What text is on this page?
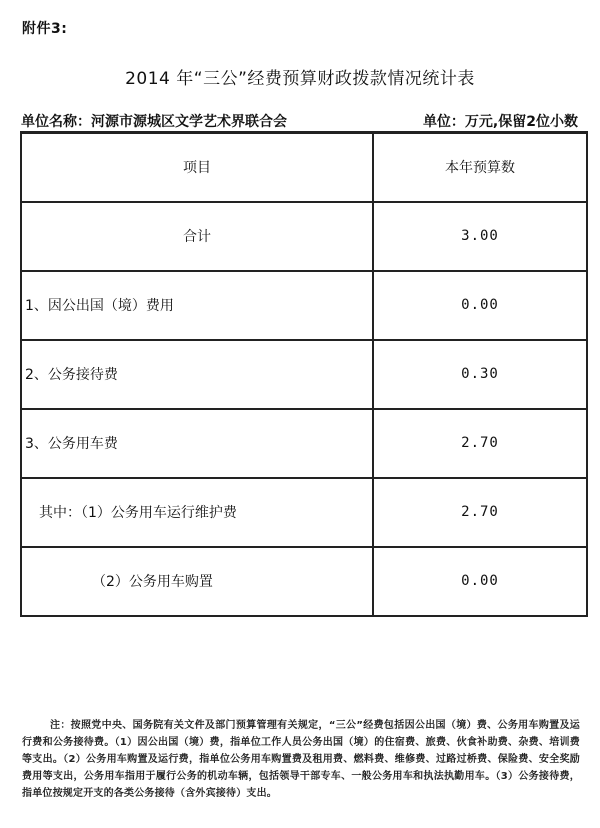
附件3:
2014 年“三公”经费预算财政拨款情况统计表
单位名称：河源市源城区文学艺术界联合会	单位：万元,保留2位小数
项目	本年预算数
合计	3.00
1、因公出国（境）费用	0.00
2、公务接待费	0.30
3、公务用车费	2.70
其中：（1）公务用车运行维护费	2.70
（2）公务用车购置	0.00
注：按照党中央、国务院有关文件及部门预算管理有关规定，“三公”经费包括因公出国（境）费、公务用车购置及运行费和公务接待费。（1）因公出国（境）费，指单位工作人员公务出国（境）的住宿费、旅费、伙食补助费、杂费、培训费等支出。（2）公务用车购置及运行费，指单位公务用车购置费及租用费、燃料费、维修费、过路过桥费、保险费、安全奖励费用等支出，公务用车指用于履行公务的机动车辆，包括领导干部专车、一般公务用车和执法执勤用车。（3）公务接待费，指单位按规定开支的各类公务接待（含外宾接待）支出。
